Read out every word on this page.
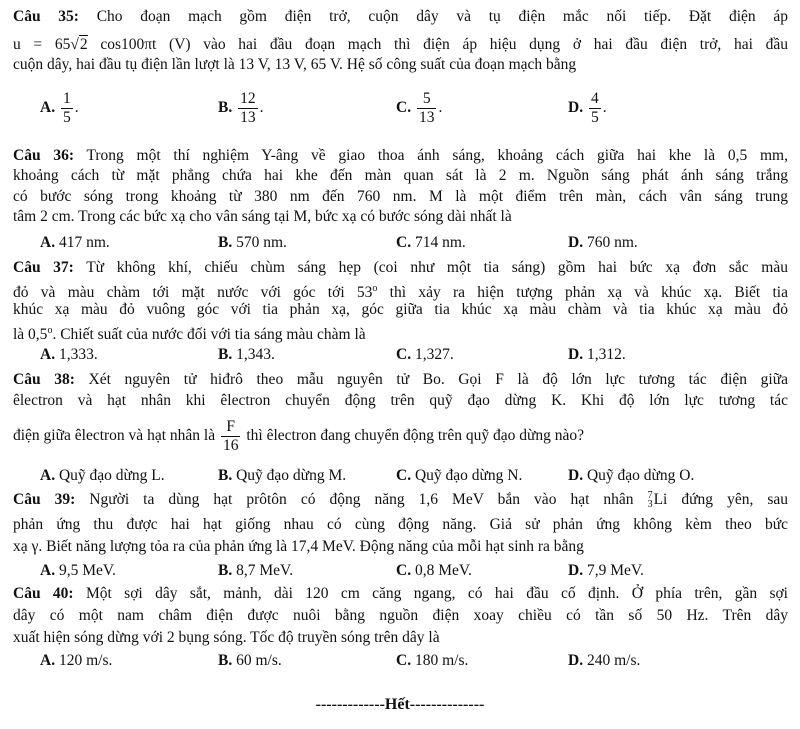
Câu 35: Cho đoạn mạch gồm điện trở, cuộn dây và tụ điện mắc nối tiếp. Đặt điện áp
u = 65√2 cos100πt (V) vào hai đầu đoạn mạch thì điện áp hiệu dụng ở hai đầu điện trở, hai đầu
cuộn dây, hai đầu tụ điện lần lượt là 13 V, 13 V, 65 V. Hệ số công suất của đoạn mạch bằng
A. $\frac{1}{5}$ .	B. $\frac{12}{13}$ .	C. $\frac{5}{13}$ .	D. $\frac{4}{5}$ .
Câu 36: Trong một thí nghiệm Y-âng về giao thoa ánh sáng, khoảng cách giữa hai khe là 0,5 mm,
khoảng cách từ mặt phẳng chứa hai khe đến màn quan sát là 2 m. Nguồn sáng phát ánh sáng trắng
có bước sóng trong khoảng từ 380 nm đến 760 nm. M là một điểm trên màn, cách vân sáng trung
tâm 2 cm. Trong các bức xạ cho vân sáng tại M, bức xạ có bước sóng dài nhất là
A. 417 nm.	B. 570 nm.	C. 714 nm.	D. 760 nm.
Câu 37: Từ không khí, chiếu chùm sáng hẹp (coi như một tia sáng) gồm hai bức xạ đơn sắc màu
đỏ và màu chàm tới mặt nước với góc tới 53$^o$ thì xảy ra hiện tượng phản xạ và khúc xạ. Biết tia
khúc xạ màu đỏ vuông góc với tia phản xạ, góc giữa tia khúc xạ màu chàm và tia khúc xạ màu đỏ
là 0,5$^o$. Chiết suất của nước đối với tia sáng màu chàm là
A. 1,333.	B. 1,343.	C. 1,327.	D. 1,312.
Câu 38: Xét nguyên tử hiđrô theo mẫu nguyên tử Bo. Gọi F là độ lớn lực tương tác điện giữa
êlectron và hạt nhân khi êlectron chuyển động trên quỹ đạo dừng K. Khi độ lớn lực tương tác
điện giữa êlectron và hạt nhân là $\frac{F}{16}$ thì êlectron đang chuyển động trên quỹ đạo dừng nào?
A. Quỹ đạo dừng L.	B. Quỹ đạo dừng M.	C. Quỹ đạo dừng N.	D. Quỹ đạo dừng O.
Câu 39: Người ta dùng hạt prôtôn có động năng 1,6 MeV bắn vào hạt nhân 7
3 Li đứng yên, sau
phản ứng thu được hai hạt giống nhau có cùng động năng. Giả sử phản ứng không kèm theo bức
xạ γ. Biết năng lượng tỏa ra của phản ứng là 17,4 MeV. Động năng của mỗi hạt sinh ra bằng
A. 9,5 MeV.	B. 8,7 MeV.	C. 0,8 MeV.	D. 7,9 MeV.
Câu 40: Một sợi dây sắt, mảnh, dài 120 cm căng ngang, có hai đầu cố định. Ở phía trên, gần sợi
dây có một nam châm điện được nuôi bằng nguồn điện xoay chiều có tần số 50 Hz. Trên dây
xuất hiện sóng dừng với 2 bụng sóng. Tốc độ truyền sóng trên dây là
A. 120 m/s.	B. 60 m/s.	C. 180 m/s.	D. 240 m/s.
-------------Hết--------------
